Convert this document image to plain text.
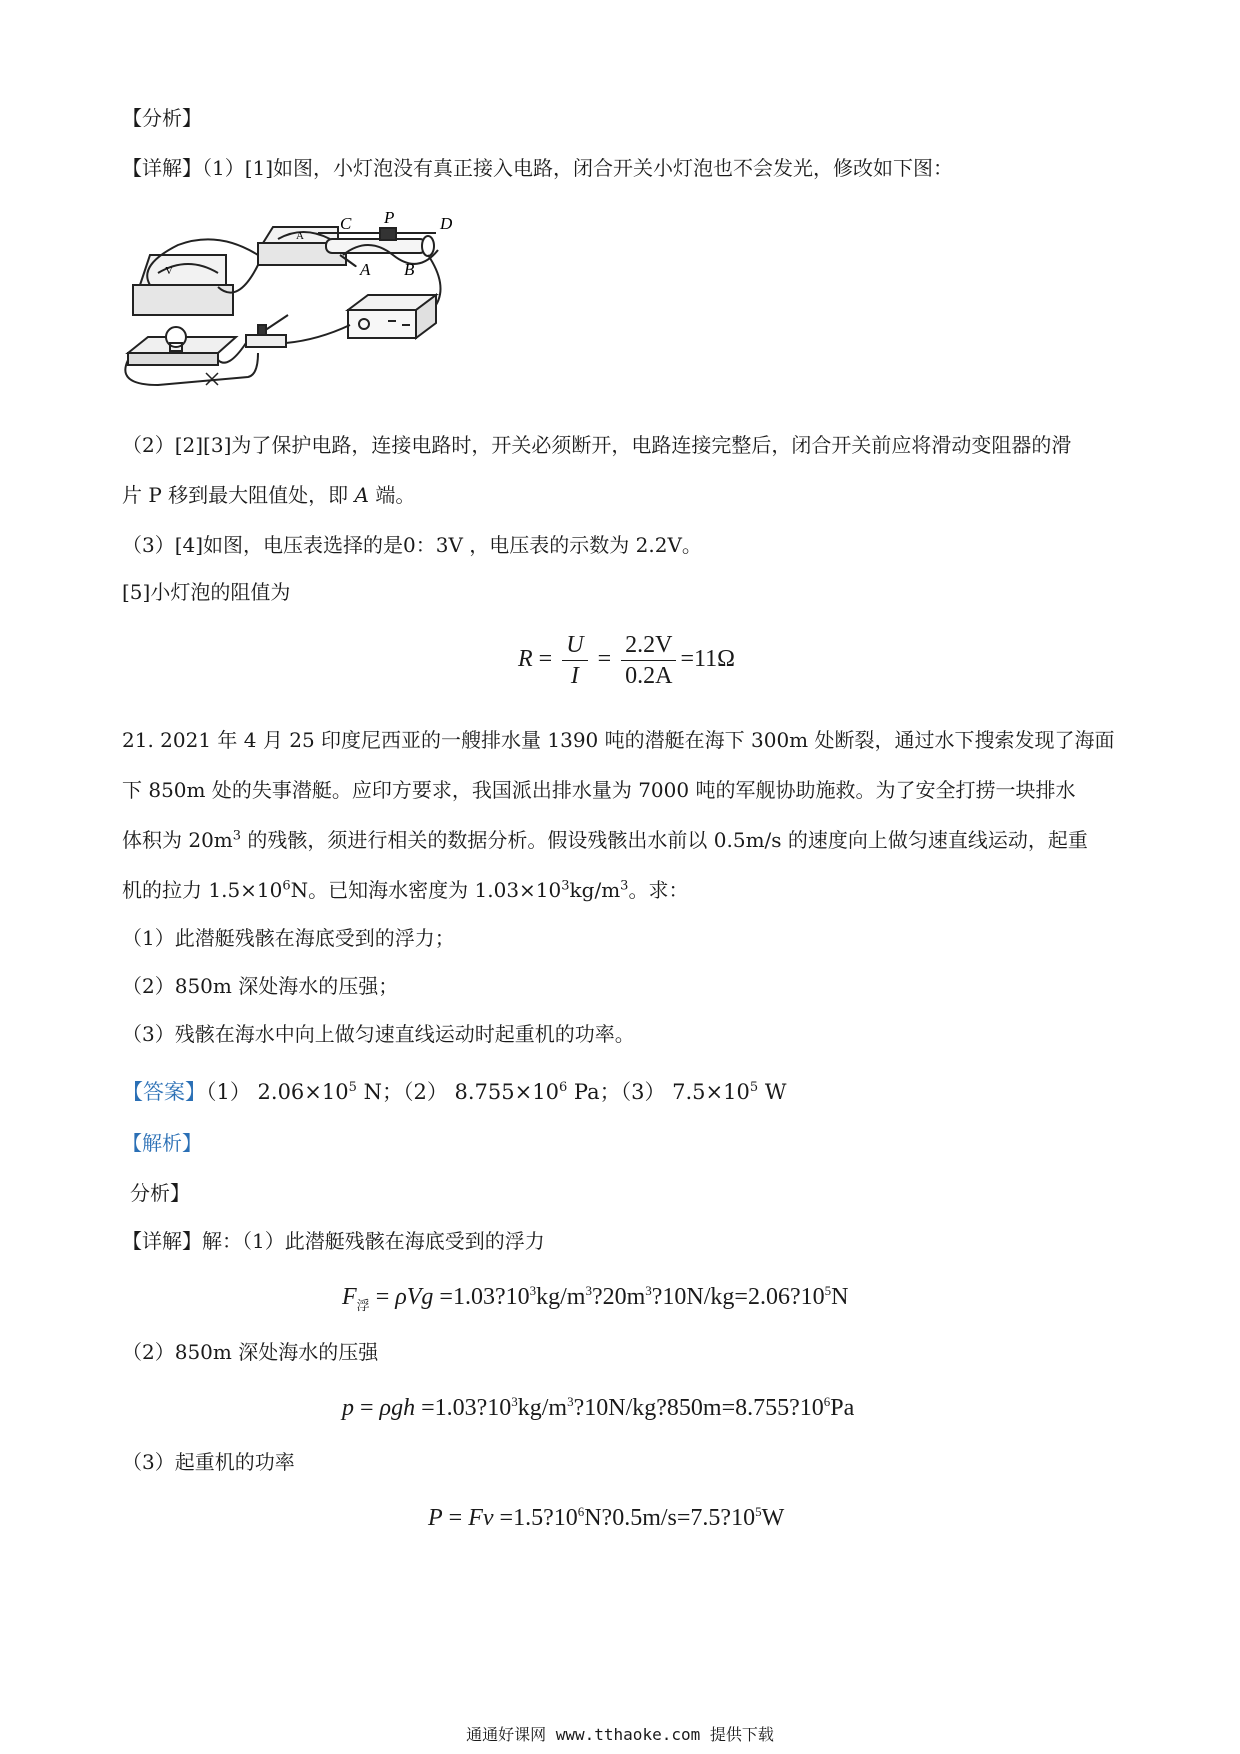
【分析】
【详解】（1）[1]如图，小灯泡没有真正接入电路，闭合开关小灯泡也不会发光，修改如下图：
V
A
C P	D
A B
（2）[2][3]为了保护电路，连接电路时，开关必须断开，电路连接完整后，闭合开关前应将滑动变阻器的滑
片 P 移到最大阻值处，即 A 端。
（3）[4]如图，电压表选择的是0：3V ，电压表的示数为 2.2V。
[5]小灯泡的阻值为
$R = \frac{U}{I} = \frac{2.2V}{0.2A} =11\Omega$
21. 2021 年 4 月 25 印度尼西亚的一艘排水量 1390 吨的潜艇在海下 300m 处断裂，通过水下搜索发现了海面
下 850m 处的失事潜艇。应印方要求，我国派出排水量为 7000 吨的军舰协助施救。为了安全打捞一块排水
体积为 $20m^3$ 的残骸，须进行相关的数据分析。假设残骸出水前以 0.5m/s 的速度向上做匀速直线运动，起重
机的拉力 $1.5\times 10^6N$。已知海水密度为 $1.03\times 10^3kg/m^3$。求：
（1）此潜艇残骸在海底受到的浮力；
（2）850m 深处海水的压强；
（3）残骸在海水中向上做匀速直线运动时起重机的功率。
【答案】（1） $2.06\times 10^5$ N；（2） $8.755\times 10^6$ Pa；（3） $7.5\times 10^5$ W
【解析】
分析】
【详解】解：（1）此潜艇残骸在海底受到的浮力
$F_浮 = \rho Vg$ $=1.03?10^3kg/m^3?20m^3?10N/kg=2.06?10^5N$
（2）850m 深处海水的压强
$p = \rho gh =1.03?10^3kg/m^3?10N/kg?850m=8.755?10^6Pa$
（3）起重机的功率
$P = Fv =1.5?10^6N?0.5m/s=7.5?10^5W$
通通好课网 www.tthaoke.com 提供下载
